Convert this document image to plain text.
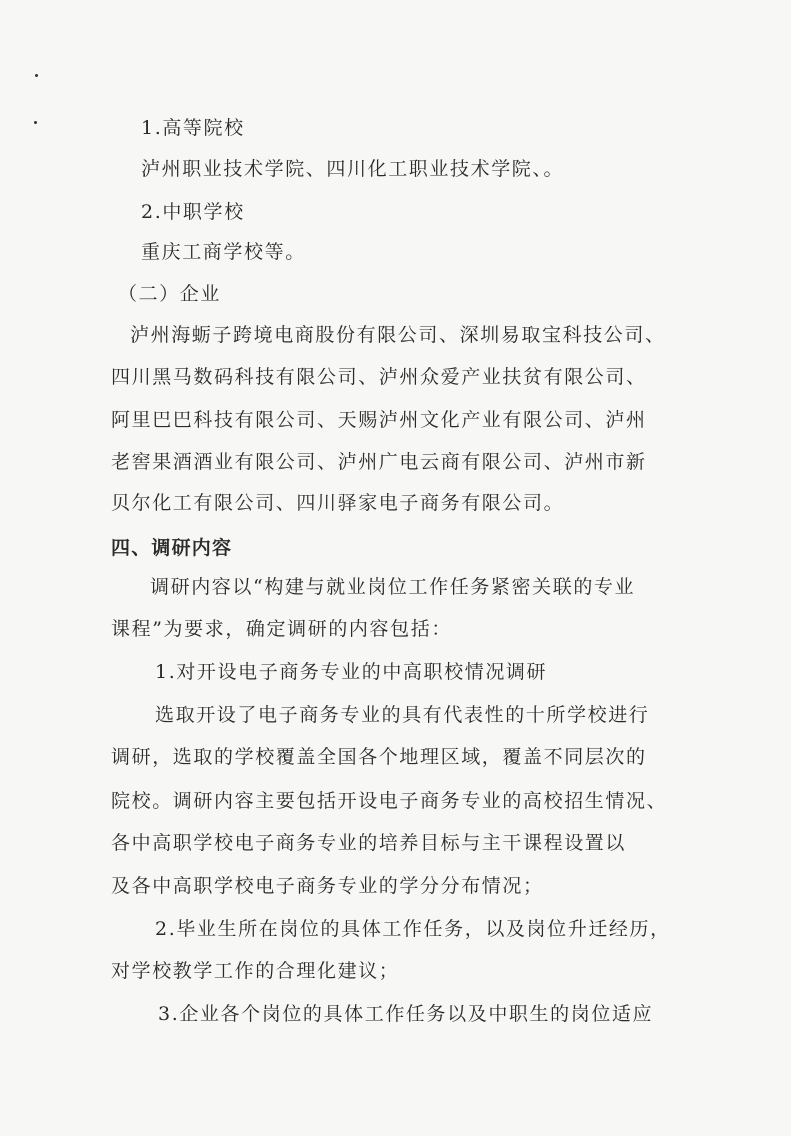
1.高等院校
泸州职业技术学院、四川化工职业技术学院、。
2.中职学校
重庆工商学校等。
（二）企业
泸州海蛎子跨境电商股份有限公司、深圳易取宝科技公司、
四川黑马数码科技有限公司、泸州众爱产业扶贫有限公司、
阿里巴巴科技有限公司、天赐泸州文化产业有限公司、泸州
老窖果酒酒业有限公司、泸州广电云商有限公司、泸州市新
贝尔化工有限公司、四川驿家电子商务有限公司。
四、调研内容
调研内容以“构建与就业岗位工作任务紧密关联的专业
课程”为要求，确定调研的内容包括：
1.对开设电子商务专业的中高职校情况调研
选取开设了电子商务专业的具有代表性的十所学校进行
调研，选取的学校覆盖全国各个地理区域，覆盖不同层次的
院校。调研内容主要包括开设电子商务专业的高校招生情况、
各中高职学校电子商务专业的培养目标与主干课程设置以
及各中高职学校电子商务专业的学分分布情况；
2.毕业生所在岗位的具体工作任务，以及岗位升迁经历，
对学校教学工作的合理化建议；
3.企业各个岗位的具体工作任务以及中职生的岗位适应
